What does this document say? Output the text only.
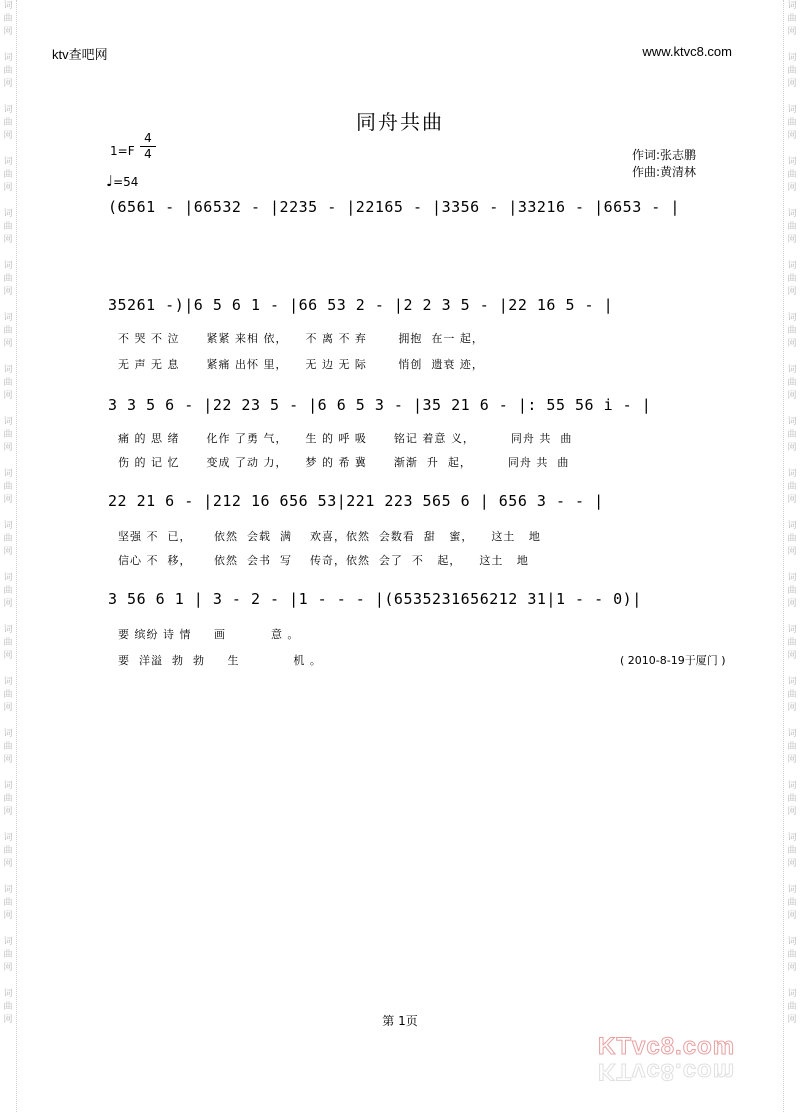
词
曲
网

词
曲
网

词
曲
网

词
曲
网

词
曲
网

词
曲
网

词
曲
网

词
曲
网

词
曲
网

词
曲
网

词
曲
网

词
曲
网

词
曲
网

词
曲
网

词
曲
网

词
曲
网

词
曲
网

词
曲
网

词
曲
网

词
曲
网
词
曲
网

词
曲
网

词
曲
网

词
曲
网

词
曲
网

词
曲
网

词
曲
网

词
曲
网

词
曲
网

词
曲
网

词
曲
网

词
曲
网

词
曲
网

词
曲
网

词
曲
网

词
曲
网

词
曲
网

词
曲
网

词
曲
网

词
曲
网
ktv查吧网	www.ktvc8.com
同舟共曲
$1=F \frac{4}{4}$
♩=54
作词:张志鹏
作曲:黄清林
(6561 - |66532 - |2235 - |22165 - |3356 - |33216 - |6653 - |
35261 -)|6 5 6 1 - |66 53 2 - |2 2 3 5 - |22 16 5 - |
不 哭 不 泣      紧紧 来相 依，    不 离 不 弃       拥抱  在一 起，
无 声 无 息      紧痛 出怀 里，    无 边 无 际       悄创  遗衰 迹，
3 3 5 6 - |22 23 5 - |6 6 5 3 - |35 21 6 - |: 55 56 i - |
痛 的 思 绪      化作 了勇 气，    生 的 呼 吸      铭记 着意 义，        同舟 共  曲
伤 的 记 忆      变成 了动 力，    梦 的 希 冀      渐渐  升  起，        同舟 共  曲
22 21 6 - |212 16 656 53|221 223 565 6 | 656 3 - - |
坚强 不  已，     依然  会载  满    欢喜，依然  会数看  甜   蜜，    这土   地
信心 不  移，     依然  会书  写    传奇，依然  会了  不   起，    这土   地
3 56 6 1 | 3 - 2 - |1 - - - |(6535231656212 31|1 - - 0)|
要 缤纷 诗 情     画          意 。
要  洋溢  勃  勃     生            机 。	( 2010-8-19于厦门 )
第 1页
KTvc8.com
KTvc8.com
